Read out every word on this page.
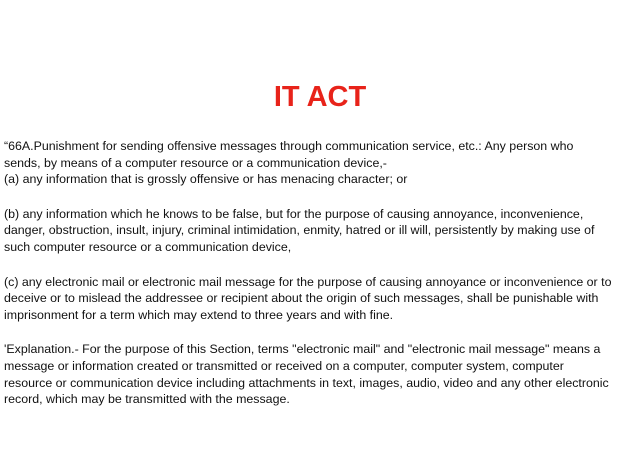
IT ACT

“66A.Punishment for sending offensive messages through communication service, etc.: Any person who
sends, by means of a computer resource or a communication device,-
(a) any information that is grossly offensive or has menacing character; or

(b) any information which he knows to be false, but for the purpose of causing annoyance, inconvenience,
danger, obstruction, insult, injury, criminal intimidation, enmity, hatred or ill will, persistently by making use of
such computer resource or a communication device,

(c) any electronic mail or electronic mail message for the purpose of causing annoyance or inconvenience or to
deceive or to mislead the addressee or recipient about the origin of such messages, shall be punishable with
imprisonment for a term which may extend to three years and with fine.

'Explanation.- For the purpose of this Section, terms "electronic mail" and "electronic mail message" means a
message or information created or transmitted or received on a computer, computer system, computer
resource or communication device including attachments in text, images, audio, video and any other electronic
record, which may be transmitted with the message.
